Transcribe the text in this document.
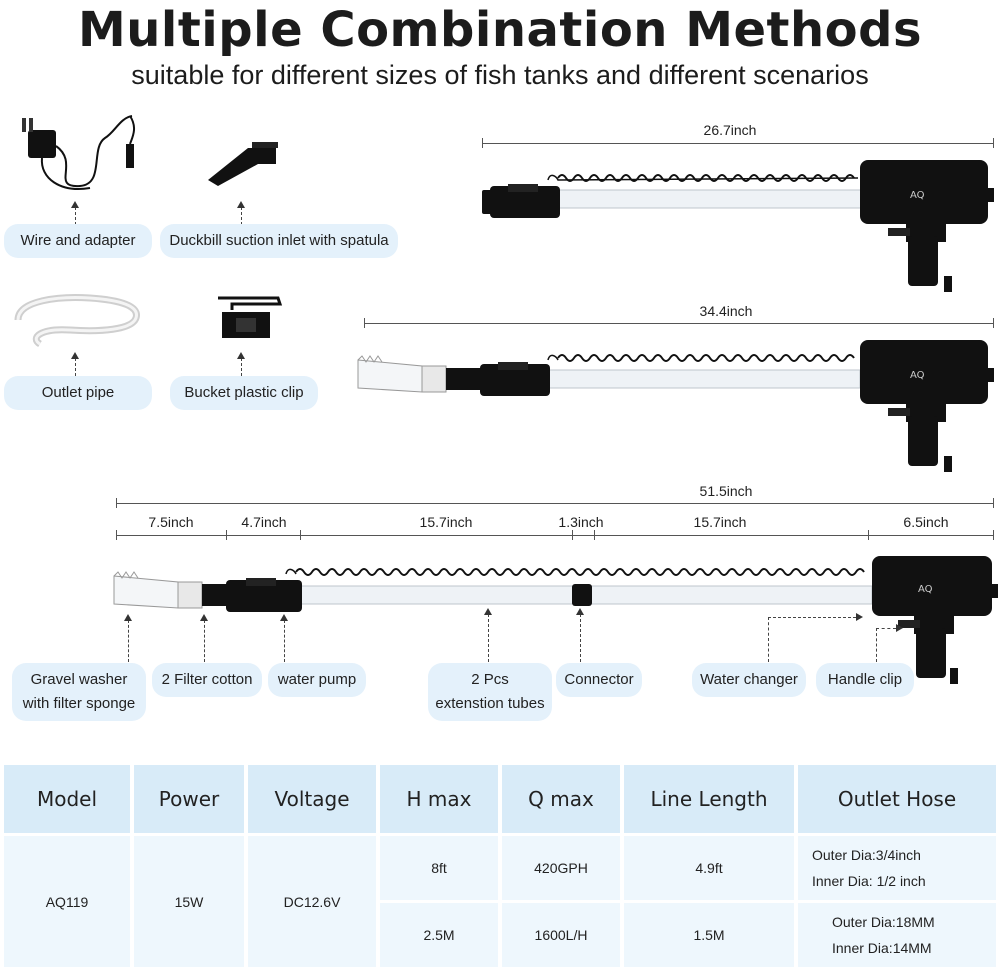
Multiple Combination Methods
suitable for different sizes of fish tanks and different scenarios
Wire and adapter	Duckbill suction inlet with spatula
Outlet pipe	Bucket plastic clip
26.7inch
AQ
34.4inch
AQ
51.5inch
7.5inch	4.7inch	15.7inch	1.3inch	15.7inch	6.5inch
AQ
Gravel washer
with filter sponge
2 Filter cotton	water pump	2 Pcs
extenstion tubes
Connector	Water changer	Handle clip
Model	Power	Voltage	H max	Q max	Line Length	Outlet Hose
AQ119	15W	DC12.6V	8ft	420GPH	4.9ft	Outer Dia:3/4inch
Inner Dia: 1/2 inch

			2.5M	1600L/H	1.5M	Outer Dia:18MM
Inner Dia:14MM
